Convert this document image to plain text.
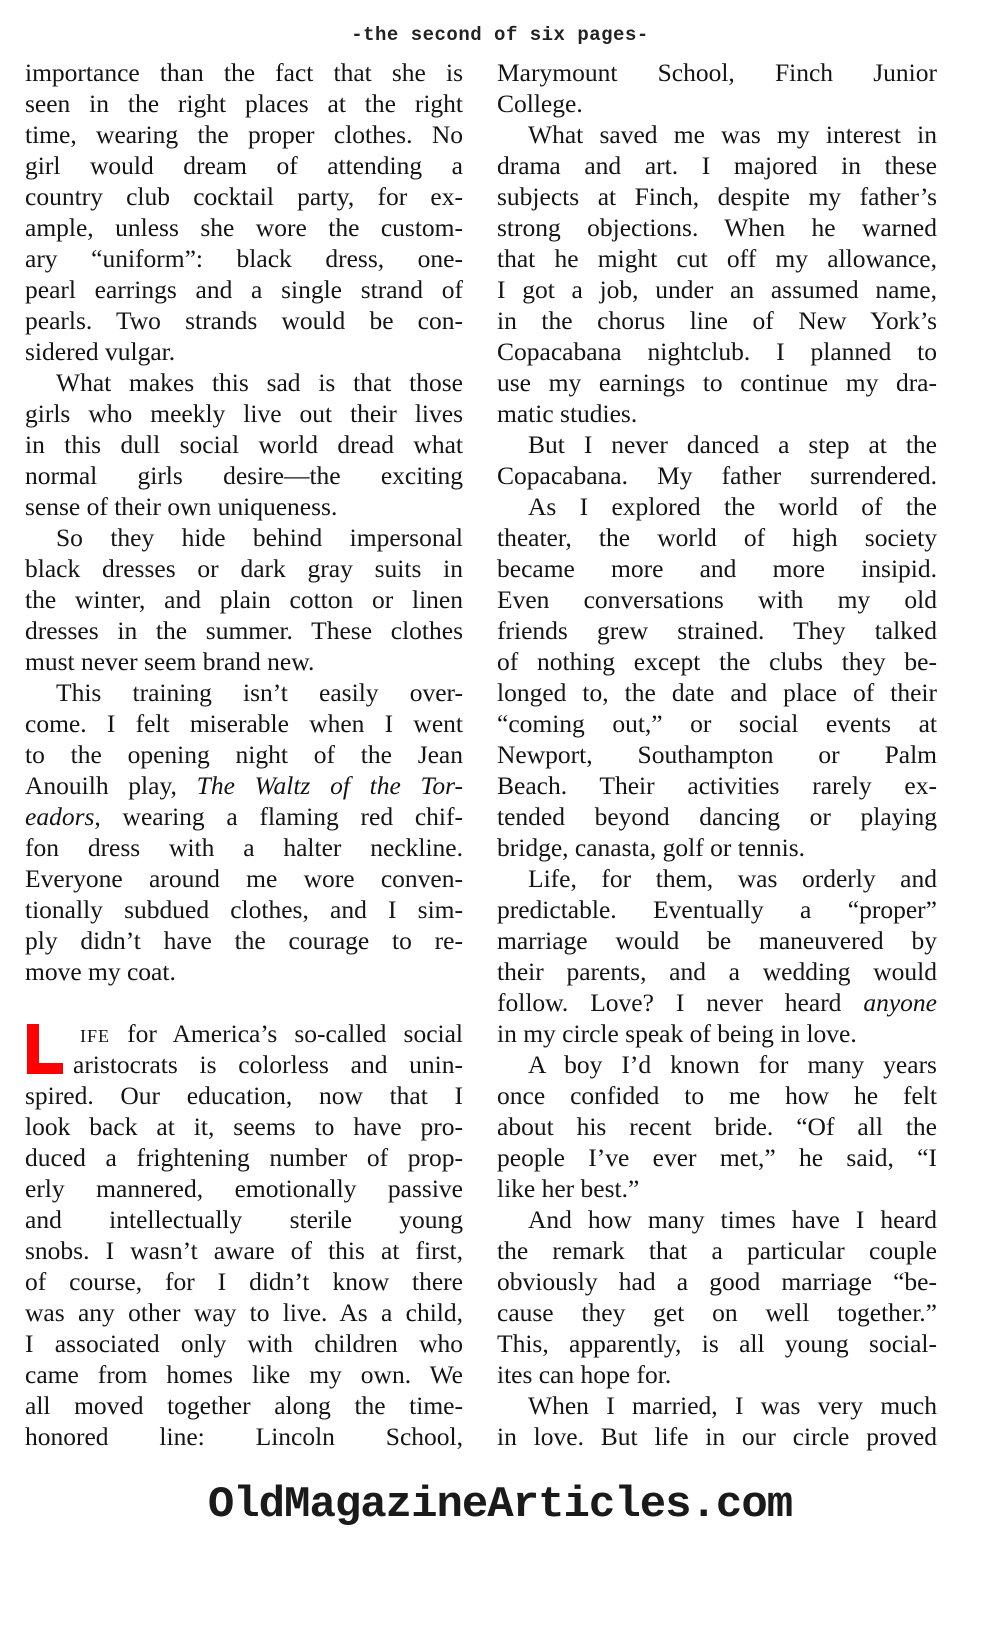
-the second of six pages-
importance than the fact that she is
seen in the right places at the right
time, wearing the proper clothes. No
girl would dream of attending a
country club cocktail party, for ex-
ample, unless she wore the custom-
ary “uniform”: black dress, one-
pearl earrings and a single strand of
pearls. Two strands would be con-
sidered vulgar.
What makes this sad is that those
girls who meekly live out their lives
in this dull social world dread what
normal girls desire—the exciting
sense of their own uniqueness.
So they hide behind impersonal
black dresses or dark gray suits in
the winter, and plain cotton or linen
dresses in the summer. These clothes
must never seem brand new.
This training isn’t easily over-
come. I felt miserable when I went
to the opening night of the Jean
Anouilh play, The Waltz of the Tor-
eadors, wearing a flaming red chif-
fon dress with a halter neckline.
Everyone around me wore conven-
tionally subdued clothes, and I sim-
ply didn’t have the courage to re-
move my coat.
ife for America’s so-called social
aristocrats is colorless and unin-
spired. Our education, now that I
look back at it, seems to have pro-
duced a frightening number of prop-
erly mannered, emotionally passive
and intellectually sterile young
snobs. I wasn’t aware of this at first,
of course, for I didn’t know there
was any other way to live. As a child,
I associated only with children who
came from homes like my own. We
all moved together along the time-
honored line: Lincoln School,
Marymount School, Finch Junior
College.
What saved me was my interest in
drama and art. I majored in these
subjects at Finch, despite my father’s
strong objections. When he warned
that he might cut off my allowance,
I got a job, under an assumed name,
in the chorus line of New York’s
Copacabana nightclub. I planned to
use my earnings to continue my dra-
matic studies.
But I never danced a step at the
Copacabana. My father surrendered.
As I explored the world of the
theater, the world of high society
became more and more insipid.
Even conversations with my old
friends grew strained. They talked
of nothing except the clubs they be-
longed to, the date and place of their
“coming out,” or social events at
Newport, Southampton or Palm
Beach. Their activities rarely ex-
tended beyond dancing or playing
bridge, canasta, golf or tennis.
Life, for them, was orderly and
predictable. Eventually a “proper”
marriage would be maneuvered by
their parents, and a wedding would
follow. Love? I never heard anyone
in my circle speak of being in love.
A boy I’d known for many years
once confided to me how he felt
about his recent bride. “Of all the
people I’ve ever met,” he said, “I
like her best.”
And how many times have I heard
the remark that a particular couple
obviously had a good marriage “be-
cause they get on well together.”
This, apparently, is all young social-
ites can hope for.
When I married, I was very much
in love. But life in our circle proved
OldMagazineArticles.com
